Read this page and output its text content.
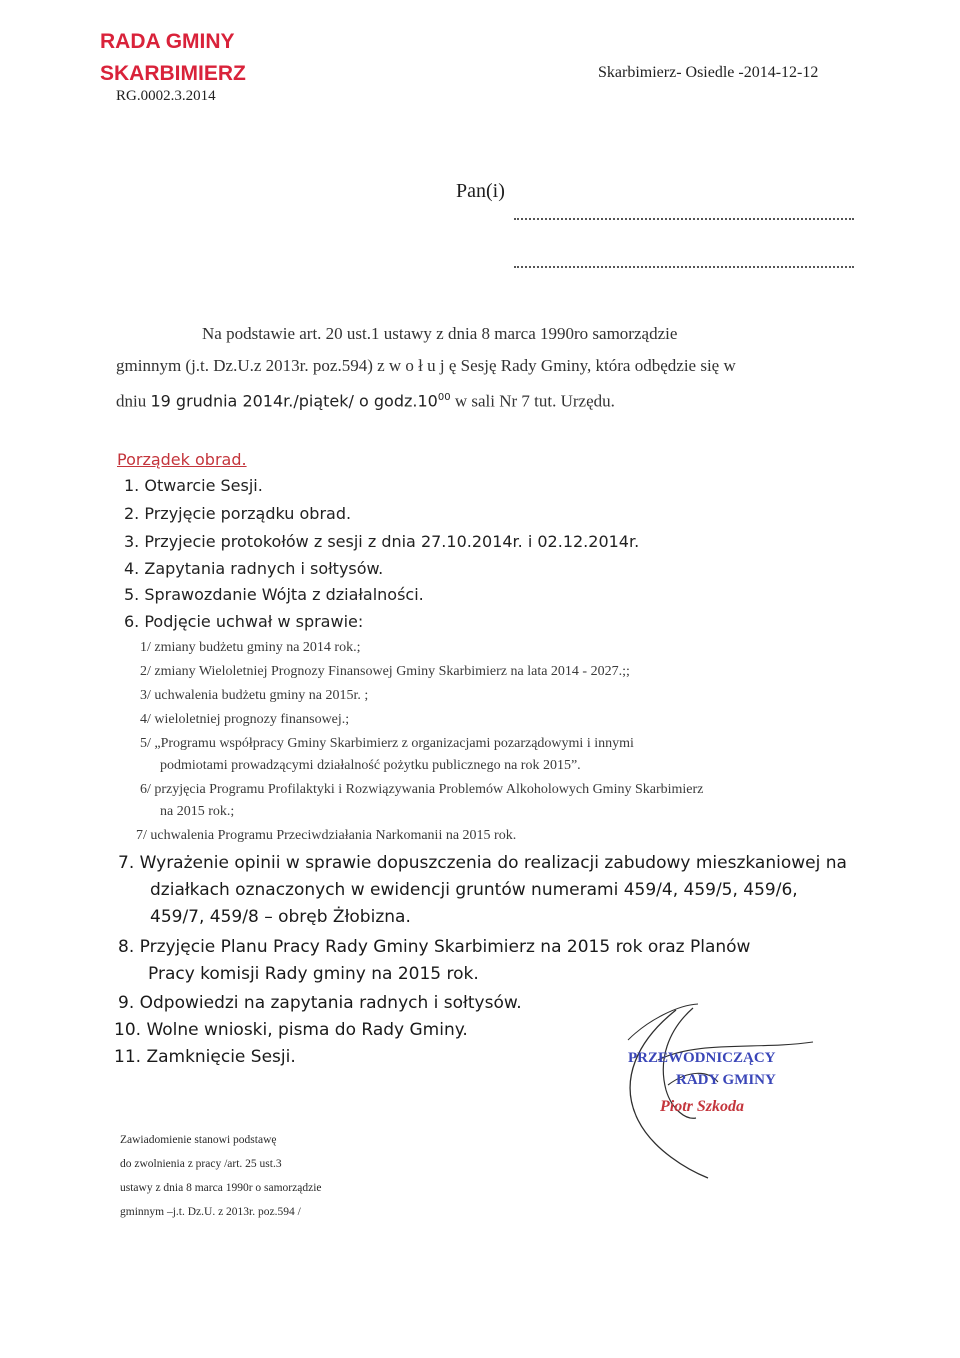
RADA GMINY
SKARBIMIERZ
RG.0002.3.2014
Skarbimierz- Osiedle -2014-12-12
Pan(i)
Na podstawie art. 20 ust.1 ustawy z dnia 8 marca 1990ro samorządzie
gminnym (j.t. Dz.U.z 2013r. poz.594) z w o ł u j ę Sesję Rady Gminy, która odbędzie się w
dniu 19 grudnia 2014r./piątek/ o $godz.10^{00}$ w sali Nr 7 tut. Urzędu.
Porządek obrad.
1. Otwarcie Sesji.
2. Przyjęcie porządku obrad.
3. Przyjecie protokołów z sesji z dnia 27.10.2014r. i 02.12.2014r.
4. Zapytania radnych i sołtysów.
5. Sprawozdanie Wójta z działalności.
6. Podjęcie uchwał w sprawie:
1/ zmiany budżetu gminy na 2014 rok.;
2/ zmiany Wieloletniej Prognozy Finansowej Gminy Skarbimierz na lata 2014 - 2027.;;
3/ uchwalenia budżetu gminy na 2015r. ;
4/ wieloletniej prognozy finansowej.;
5/ „Programu współpracy Gminy Skarbimierz z organizacjami pozarządowymi i innymi
podmiotami prowadzącymi działalność pożytku publicznego na rok 2015”.
6/ przyjęcia Programu Profilaktyki i Rozwiązywania Problemów Alkoholowych Gminy Skarbimierz
na 2015 rok.;
7/ uchwalenia Programu Przeciwdziałania Narkomanii na 2015 rok.
7. Wyrażenie opinii w sprawie dopuszczenia do realizacji zabudowy mieszkaniowej na
działkach oznaczonych w ewidencji gruntów numerami 459/4, 459/5, 459/6,
459/7, 459/8 – obręb Żłobizna.
8. Przyjęcie Planu Pracy Rady Gminy Skarbimierz na 2015 rok oraz Planów
Pracy komisji Rady gminy na 2015 rok.
9. Odpowiedzi na zapytania radnych i sołtysów.
10. Wolne wnioski, pisma do Rady Gminy.
11. Zamknięcie Sesji.	PRZEWODNICZĄCY
RADY GMINY
Piotr Szkoda
Zawiadomienie stanowi podstawę
do zwolnienia z pracy /art. 25 ust.3
ustawy z dnia 8 marca 1990r o samorządzie
gminnym –j.t. Dz.U. z 2013r. poz.594 /
